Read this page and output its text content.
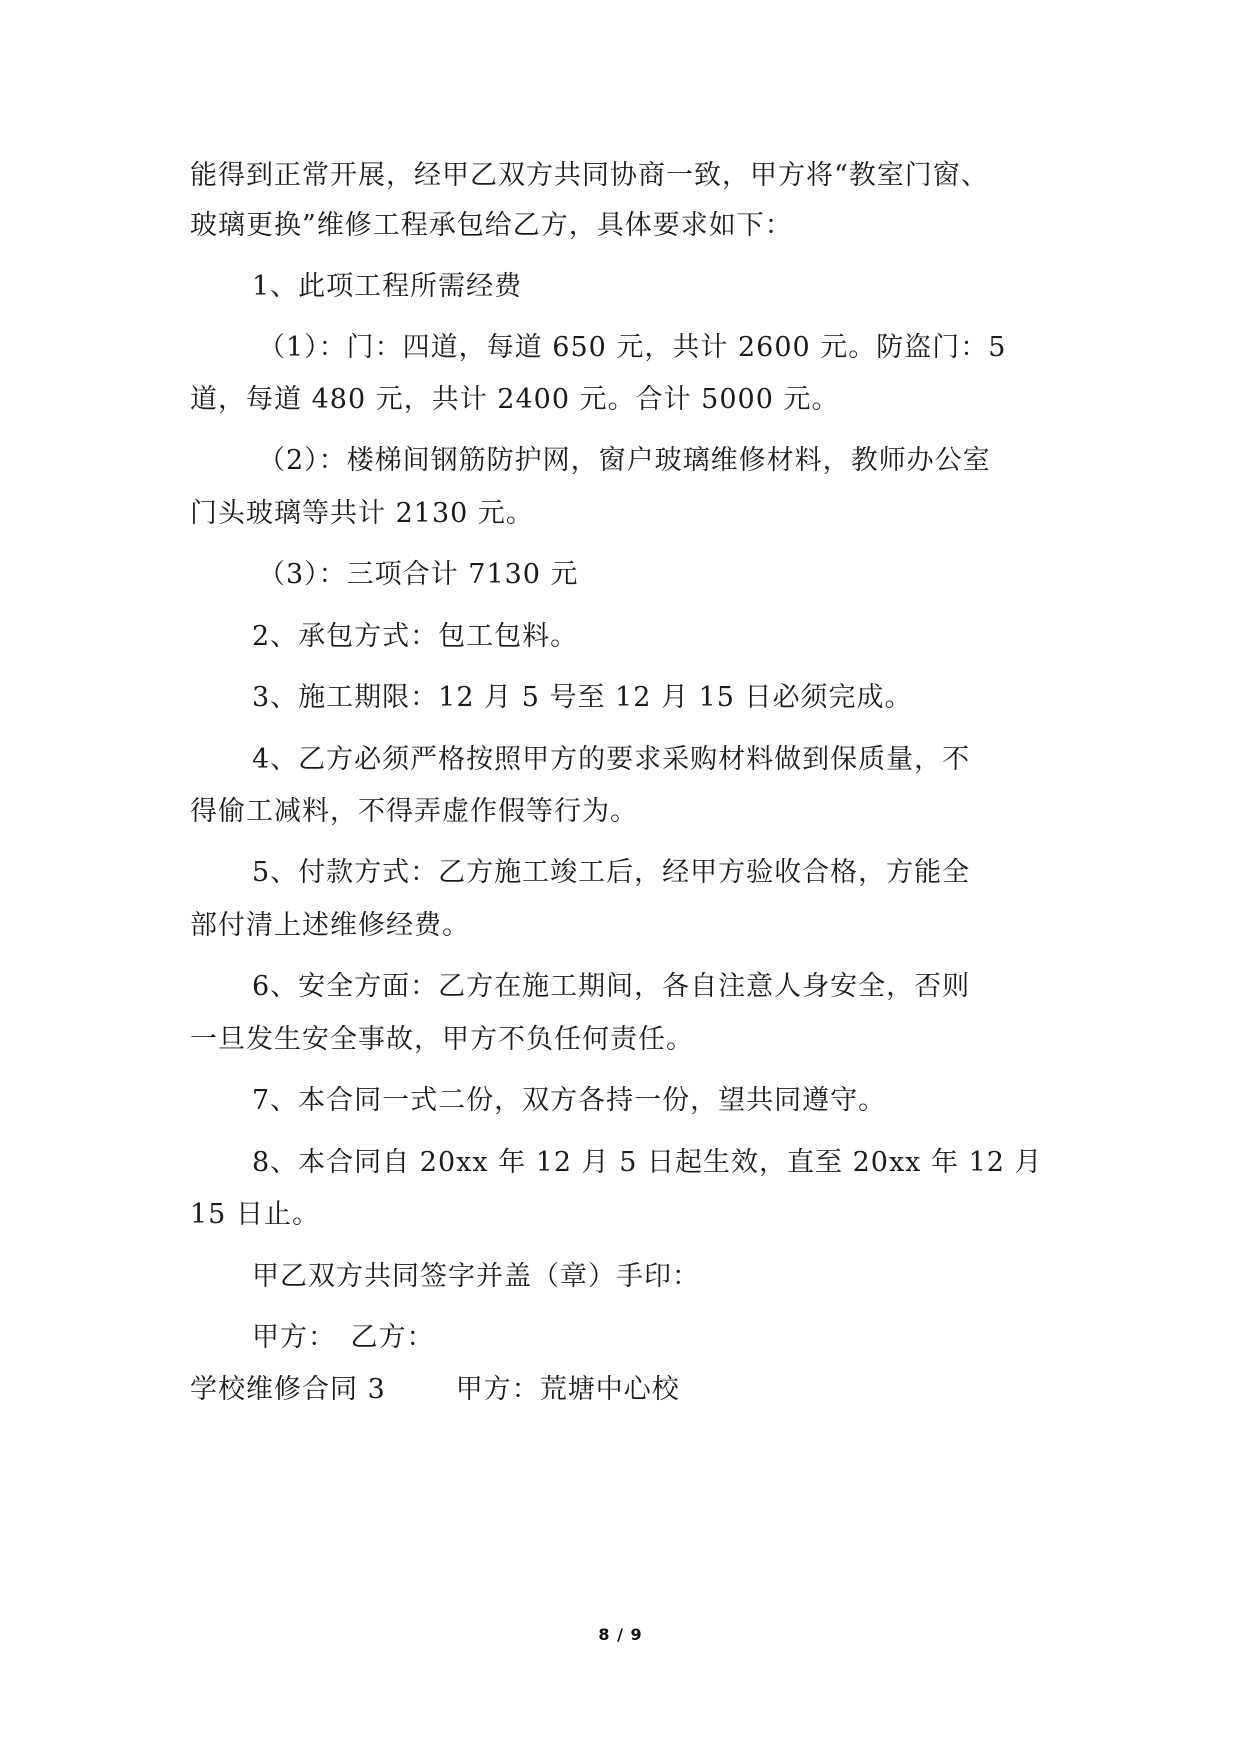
能得到正常开展，经甲乙双方共同协商一致，甲方将“教室门窗、
玻璃更换”维修工程承包给乙方，具体要求如下：
1、此项工程所需经费
（1）：门：四道，每道 650 元，共计 2600 元。防盗门：5
道，每道 480 元，共计 2400 元。合计 5000 元。
（2）：楼梯间钢筋防护网，窗户玻璃维修材料，教师办公室
门头玻璃等共计 2130 元。
（3）：三项合计 7130 元
2、承包方式：包工包料。
3、施工期限：12 月 5 号至 12 月 15 日必须完成。
4、乙方必须严格按照甲方的要求采购材料做到保质量，不
得偷工减料，不得弄虚作假等行为。
5、付款方式：乙方施工竣工后，经甲方验收合格，方能全
部付清上述维修经费。
6、安全方面：乙方在施工期间，各自注意人身安全，否则
一旦发生安全事故，甲方不负任何责任。
7、本合同一式二份，双方各持一份，望共同遵守。
8、本合同自 20xx 年 12 月 5 日起生效，直至 20xx 年 12 月
15 日止。
甲乙双方共同签字并盖（章）手印：
甲方：　乙方：
学校维修合同 3	甲方：荒塘中心校
8 / 9
